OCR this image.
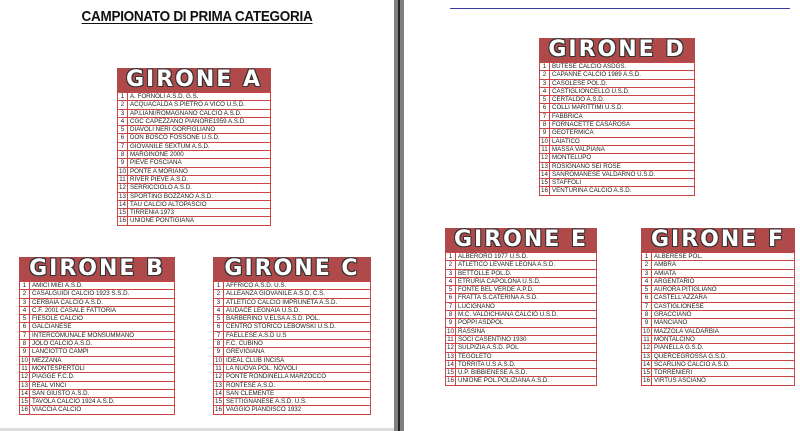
CAMPIONATO DI PRIMA CATEGORIA
GIRONE A
1	A. FORNOLI A.S.D. G.S.
2	ACQUACALDA S.PIETRO A VICO U.S.D.
3	AP.LIANI/ROMAGNANO CALCIO A.S.D.
4	CGC CAPEZZANO PIANORE1959 A.S.D.
5	DIAVOLI NERI GORFIGLIANO
6	DON BOSCO FOSSONE U.S.D.
7	GIOVANILE SEXTUM A.S.D.
8	MARGINONE 2000
9	PIEVE FOSCIANA
10	PONTE A MORIANO
11	RIVER PIEVE A.S.D.
12	SERRICCIOLO A.S.D.
13	SPORTING BOZZANO A.S.D.
14	TAU CALCIO ALTOPASCIO
15	TIRRENIA 1973
16	UNIONE PONTIGIANA
GIRONE B
1	AMICI MIEI A.S.D.
2	CASALGUIDI CALCIO 1923 S.S.D.
3	CERBAIA CALCIO A.S.D.
4	C.F. 2001 CASALE FATTORIA
5	FIESOLE CALCIO
6	GALCIANESE
7	INTERCOMUNALE MONSUMMANO
8	JOLO CALCIO A.S.D.
9	LANCIOTTO CAMPI
10	MEZZANA
11	MONTESPERTOLI
12	PIAGGE F.C.D.
13	REAL VINCI
14	SAN GIUSTO A.S.D.
15	TAVOLA CALCIO 1924 A.S.D.
16	VIACCIA CALCIO
GIRONE C
1	AFFRICO A.S.D. U.S.
2	ALLEANZA GIOVANILE A.S.D. C.S.
3	ATLETICO CALCIO IMPRUNETA A.S.D.
4	AUDACE LEGNAIA U.S.D.
5	BARBERINO V.ELSA A.S.D. POL.
6	CENTRO STORICO LEBOWSKI U.S.D.
7	FAELLESE A.S.D U.S
8	F.C. CUBINO
9	GREVIGIANA
10	IDEAL CLUB INCISA
11	LA NUOVA POL. NOVOLI
12	PONTE RONDINELLA MARZOCCO
13	RONTESE A.S.D.
14	SAN CLEMENTE
15	SETTIGNANESE A.S.D. U.S.
16	VAGGIO PIANDISCO 1932
GIRONE D
1	BUTESE CALCIO ASDGS.
2	CAPANNE CALCIO 1989 A.S.D.
3	CASOLESE POL.D.
4	CASTIGLIONCELLO U.S.D.
5	CERTALDO A.S.D.
6	COLLI MARITTIMI U.S.D.
7	FABBRICA
8	FORNACETTE CASAROSA
9	GEOTERMICA
10	LAIATICO
11	MASSA VALPIANA
12	MONTELUPO
13	ROSIGNANO SEI ROSE
14	SANROMANESE VALDARNO U.S.D.
15	STAFFOLI
16	VENTURINA CALCIO A.S.D.
GIRONE E
1	ALBERORO 1977 U.S.D.
2	ATLETICO LEVANE LEONA A.S.D.
3	BETTOLLE POL.D.
4	ETRURIA CAPOLONA U.S.D.
5	FONTE BEL VERDE A.P.D.
6	FRATTA S.CATERINA A.S.D.
7	LUCIGNANO
8	M.C. VALDICHIANA CALCIO U.S.D.
9	POPPI ASDPOL
10	RASSINA
11	SOCI CASENTINO 1930
12	SULPIZIA A.S.D. POL
13	TEGOLETO
14	TORRITA U.S A.S.D.
15	U.P. BIBBIENESE A.S.D.
16	UNIONE POL.POLIZIANA A.S.D.
GIRONE F
1	ALBERESE POL.
2	AMBRA
3	AMIATA
4	ARGENTARIO
5	AURORA PITIGLIANO
6	CASTELL'AZZARA
7	CASTIGLIONESE
8	GRACCIANO
9	MANCIANO
10	MAZZOLA VALDARBIA
11	MONTALCINO
12	PIANELLA G.S.D.
13	QUERCEGROSSA G.S.D.
14	SCARLINO CALCIO A.S.D.
15	TORRENIERI
16	VIRTUS ASCIANO
